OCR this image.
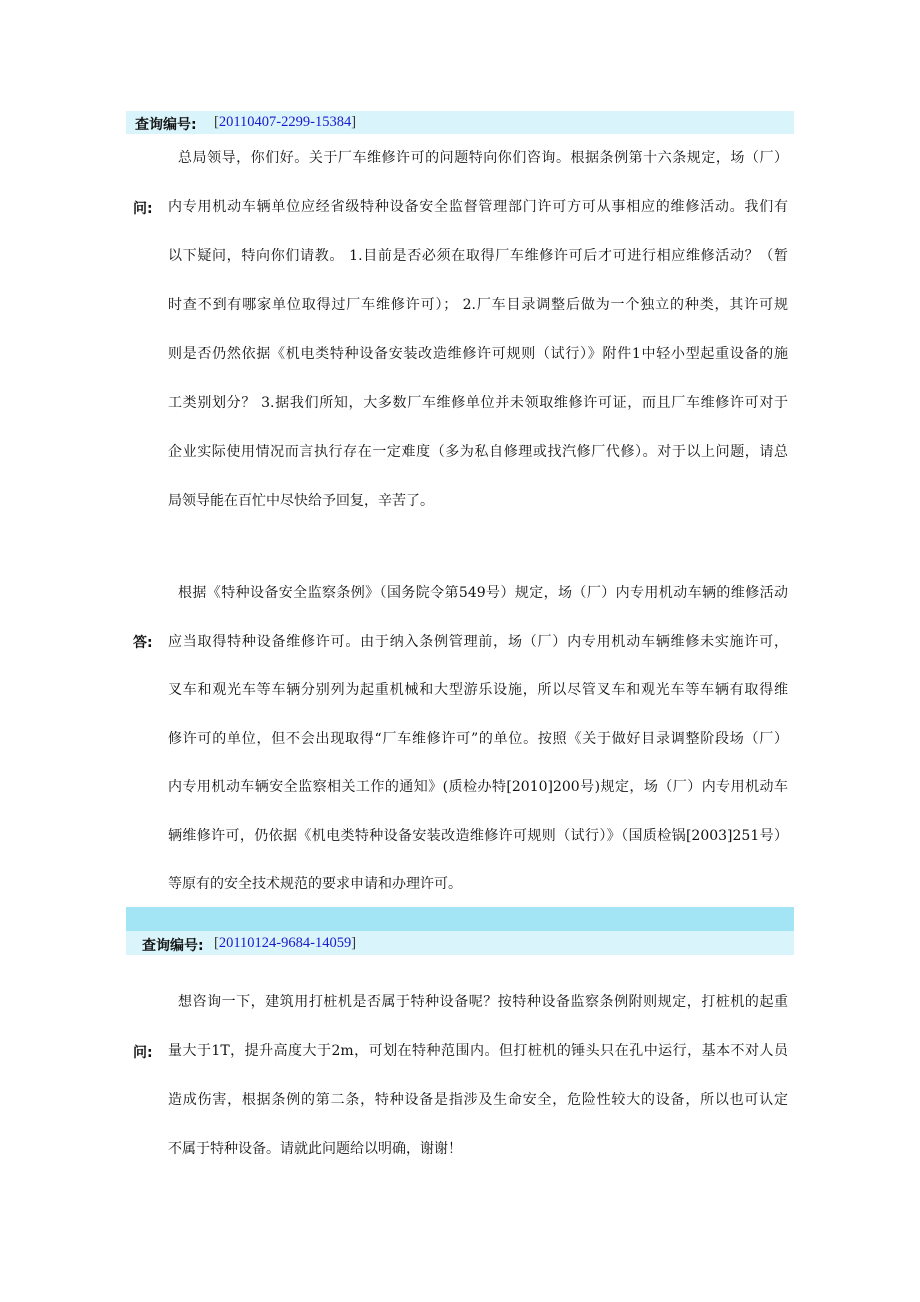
查询编号: [20110407-2299-15384]
问:
总局领导，你们好。关于厂车维修许可的问题特向你们咨询。根据条例第十六条规定，场（厂）
内专用机动车辆单位应经省级特种设备安全监督管理部门许可方可从事相应的维修活动。我们有
以下疑问，特向你们请教。 1.目前是否必须在取得厂车维修许可后才可进行相应维修活动？（暂
时查不到有哪家单位取得过厂车维修许可）； 2.厂车目录调整后做为一个独立的种类，其许可规
则是否仍然依据《机电类特种设备安装改造维修许可规则（试行）》附件1中轻小型起重设备的施
工类别划分？ 3.据我们所知，大多数厂车维修单位并未领取维修许可证，而且厂车维修许可对于
企业实际使用情况而言执行存在一定难度（多为私自修理或找汽修厂代修）。对于以上问题，请总
局领导能在百忙中尽快给予回复，辛苦了。
答:
根据《特种设备安全监察条例》（国务院令第549号）规定，场（厂）内专用机动车辆的维修活动
应当取得特种设备维修许可。由于纳入条例管理前，场（厂）内专用机动车辆维修未实施许可，
叉车和观光车等车辆分别列为起重机械和大型游乐设施，所以尽管叉车和观光车等车辆有取得维
修许可的单位，但不会出现取得“厂车维修许可”的单位。按照《关于做好目录调整阶段场（厂）
内专用机动车辆安全监察相关工作的通知》(质检办特[2010]200号)规定，场（厂）内专用机动车
辆维修许可，仍依据《机电类特种设备安装改造维修许可规则（试行）》（国质检锅[2003]251号）
等原有的安全技术规范的要求申请和办理许可。
查询编号: [20110124-9684-14059]
问:
想咨询一下，建筑用打桩机是否属于特种设备呢？按特种设备监察条例附则规定，打桩机的起重
量大于1T，提升高度大于2m，可划在特种范围内。但打桩机的锤头只在孔中运行，基本不对人员
造成伤害，根据条例的第二条，特种设备是指涉及生命安全，危险性较大的设备，所以也可认定
不属于特种设备。请就此问题给以明确，谢谢！
